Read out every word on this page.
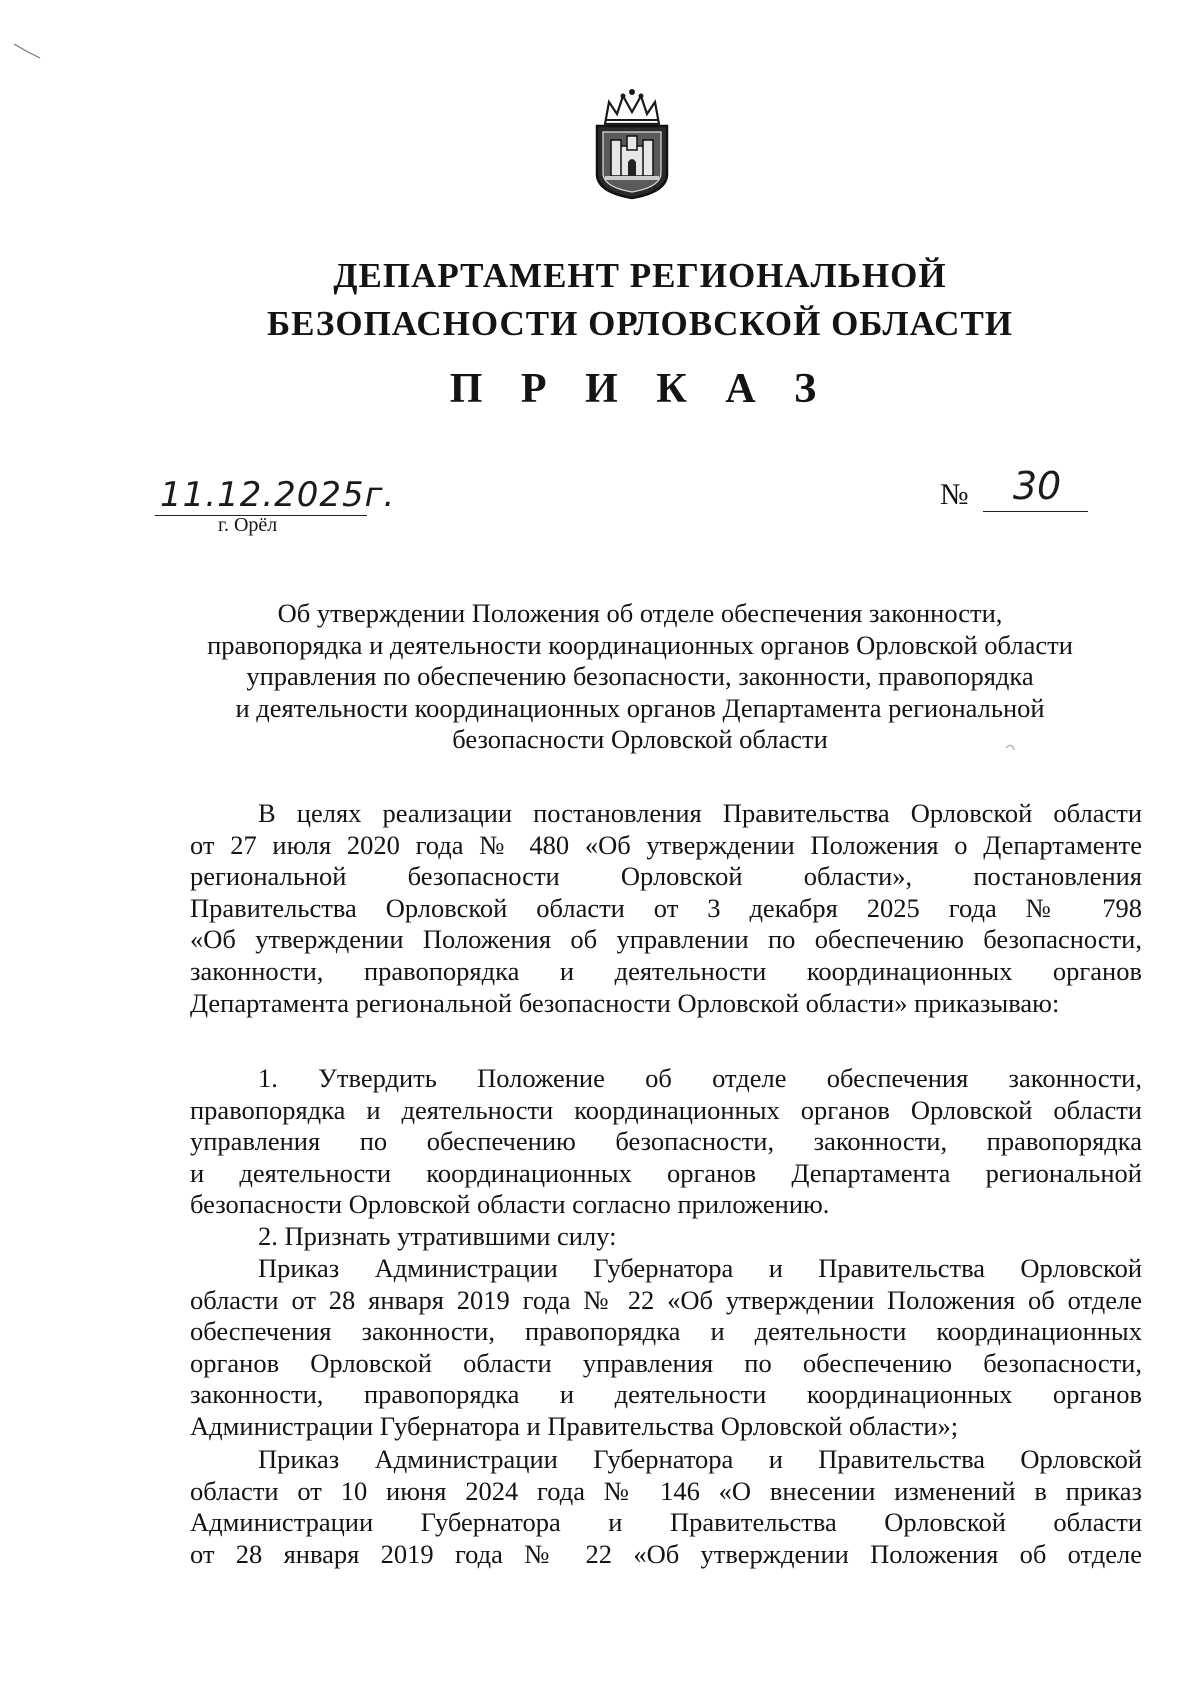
ДЕПАРТАМЕНТ РЕГИОНАЛЬНОЙ
БЕЗОПАСНОСТИ ОРЛОВСКОЙ ОБЛАСТИ
П Р И К А З
11.12.2025г.
г. Орёл
№	30
Об утверждении Положения об отделе обеспечения законности,
правопорядка и деятельности координационных органов Орловской области
управления по обеспечению безопасности, законности, правопорядка
и деятельности координационных органов Департамента региональной
безопасности Орловской области
В целях реализации постановления Правительства Орловской области
от 27 июля 2020 года № 480 «Об утверждении Положения о Департаменте
региональной безопасности Орловской области», постановления
Правительства Орловской области от 3 декабря 2025 года № 798
«Об утверждении Положения об управлении по обеспечению безопасности,
законности, правопорядка и деятельности координационных органов
Департамента региональной безопасности Орловской области» приказываю:
1. Утвердить Положение об отделе обеспечения законности,
правопорядка и деятельности координационных органов Орловской области
управления по обеспечению безопасности, законности, правопорядка
и деятельности координационных органов Департамента региональной
безопасности Орловской области согласно приложению.
2. Признать утратившими силу:
Приказ Администрации Губернатора и Правительства Орловской
области от 28 января 2019 года № 22 «Об утверждении Положения об отделе
обеспечения законности, правопорядка и деятельности координационных
органов Орловской области управления по обеспечению безопасности,
законности, правопорядка и деятельности координационных органов
Администрации Губернатора и Правительства Орловской области»;
Приказ Администрации Губернатора и Правительства Орловской
области от 10 июня 2024 года № 146 «О внесении изменений в приказ
Администрации Губернатора и Правительства Орловской области
от 28 января 2019 года № 22 «Об утверждении Положения об отделе
